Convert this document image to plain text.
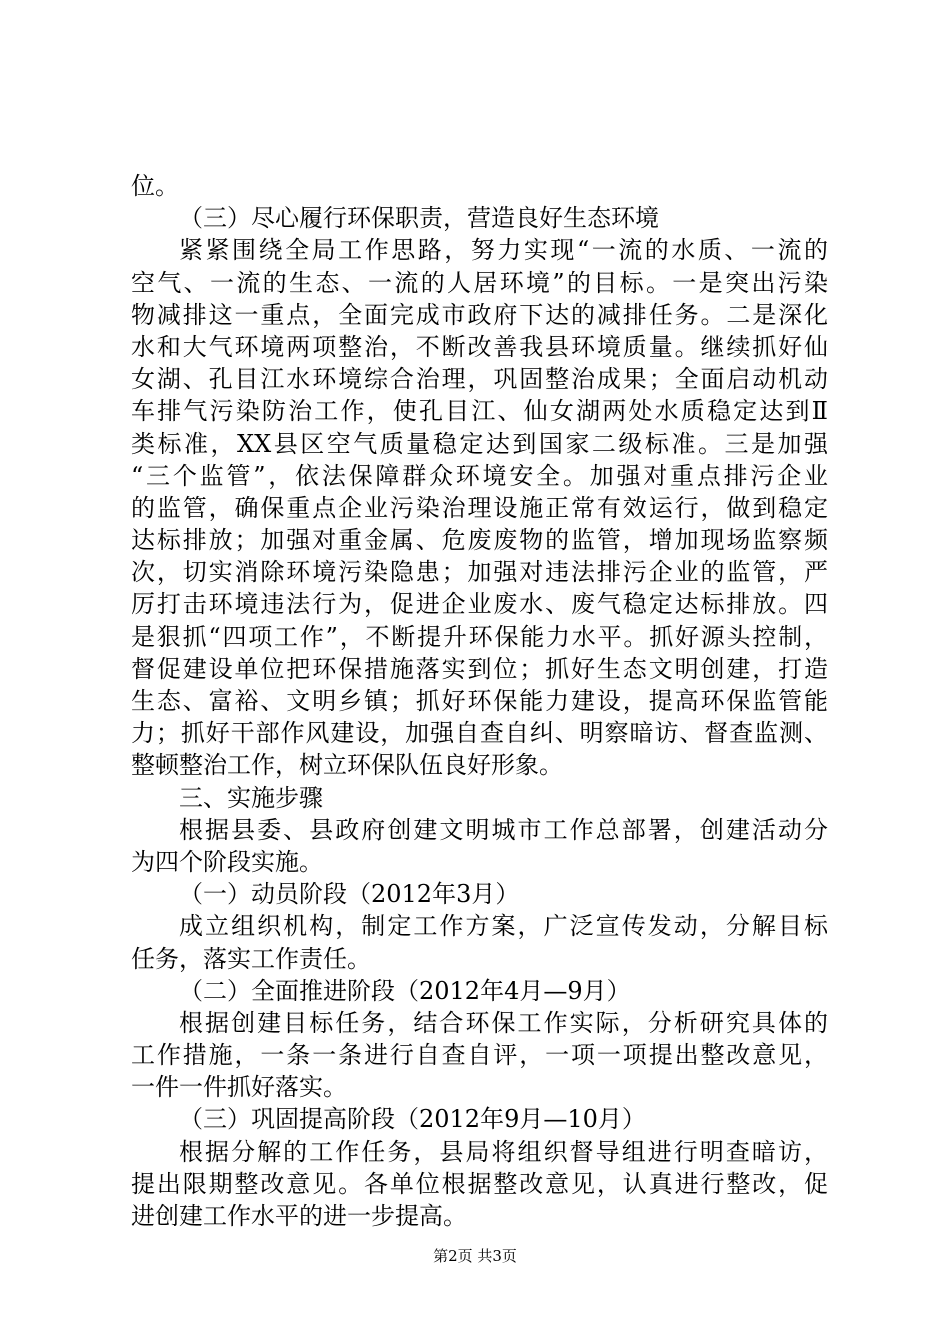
位。
（三）尽心履行环保职责，营造良好生态环境
紧紧围绕全局工作思路，努力实现“一流的水质、一流的
空气、一流的生态、一流的人居环境”的目标。一是突出污染
物减排这一重点，全面完成市政府下达的减排任务。二是深化
水和大气环境两项整治，不断改善我县环境质量。继续抓好仙
女湖、孔目江水环境综合治理，巩固整治成果；全面启动机动
车排气污染防治工作，使孔目江、仙女湖两处水质稳定达到Ⅱ
类标准，XX县区空气质量稳定达到国家二级标准。三是加强
“三个监管”，依法保障群众环境安全。加强对重点排污企业
的监管，确保重点企业污染治理设施正常有效运行，做到稳定
达标排放；加强对重金属、危废废物的监管，增加现场监察频
次，切实消除环境污染隐患；加强对违法排污企业的监管，严
厉打击环境违法行为，促进企业废水、废气稳定达标排放。四
是狠抓“四项工作”，不断提升环保能力水平。抓好源头控制，
督促建设单位把环保措施落实到位；抓好生态文明创建，打造
生态、富裕、文明乡镇；抓好环保能力建设，提高环保监管能
力；抓好干部作风建设，加强自查自纠、明察暗访、督查监测、
整顿整治工作，树立环保队伍良好形象。
三、实施步骤
根据县委、县政府创建文明城市工作总部署，创建活动分
为四个阶段实施。
（一）动员阶段（2012年3月）
成立组织机构，制定工作方案，广泛宣传发动，分解目标
任务，落实工作责任。
（二）全面推进阶段（2012年4月—9月）
根据创建目标任务，结合环保工作实际，分析研究具体的
工作措施，一条一条进行自查自评，一项一项提出整改意见，
一件一件抓好落实。
（三）巩固提高阶段（2012年9月—10月）
根据分解的工作任务，县局将组织督导组进行明查暗访，
提出限期整改意见。各单位根据整改意见，认真进行整改，促
进创建工作水平的进一步提高。
第2页 共3页
